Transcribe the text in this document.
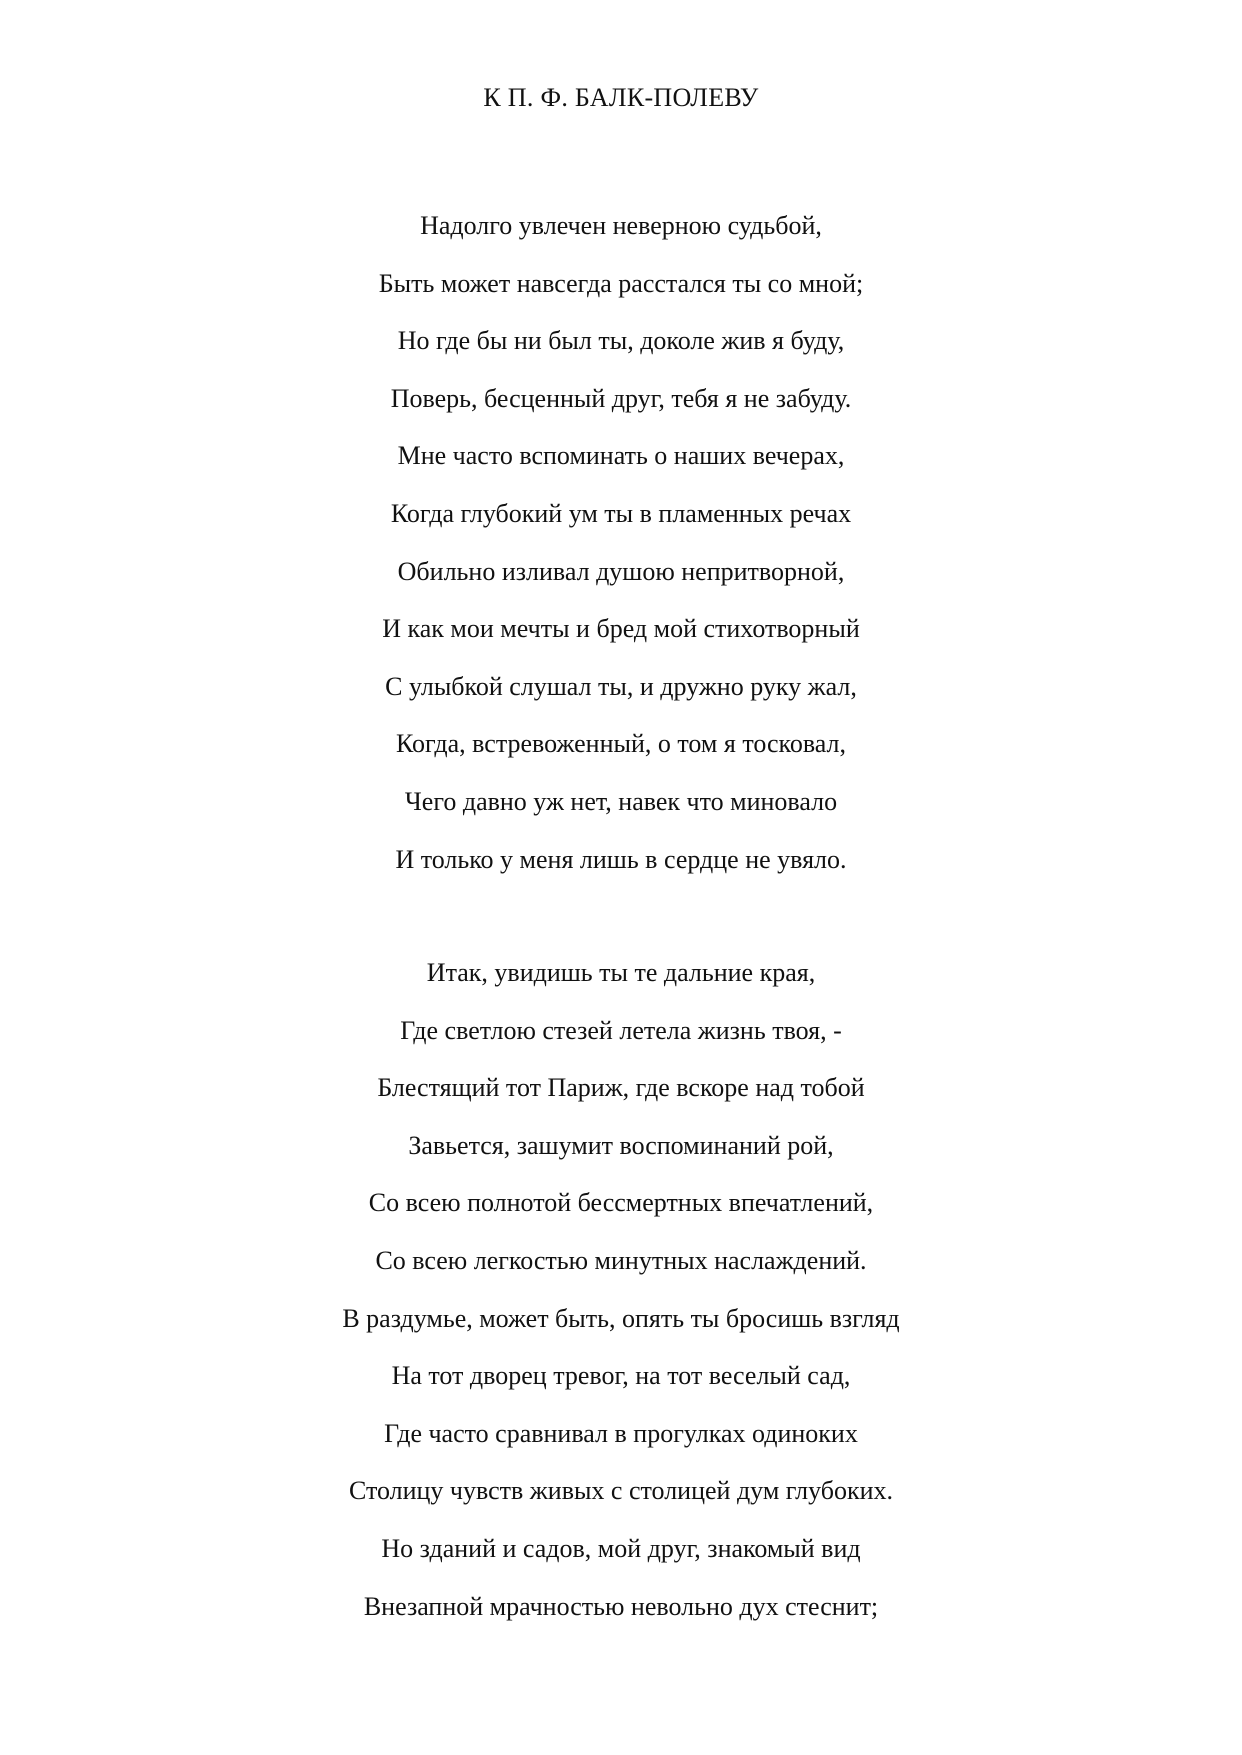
К П. Ф. БАЛК-ПОЛЕВУ
Надолго увлечен неверною судьбой,
Быть может навсегда расстался ты со мной;
Но где бы ни был ты, доколе жив я буду,
Поверь, бесценный друг, тебя я не забуду.
Мне часто вспоминать о наших вечерах,
Когда глубокий ум ты в пламенных речах
Обильно изливал душою непритворной,
И как мои мечты и бред мой стихотворный
С улыбкой слушал ты, и дружно руку жал,
Когда, встревоженный, о том я тосковал,
Чего давно уж нет, навек что миновало
И только у меня лишь в сердце не увяло.
Итак, увидишь ты те дальние края,
Где светлою стезей летела жизнь твоя, -
Блестящий тот Париж, где вскоре над тобой
Завьется, зашумит воспоминаний рой,
Со всею полнотой бессмертных впечатлений,
Со всею легкостью минутных наслаждений.
В раздумье, может быть, опять ты бросишь взгляд
На тот дворец тревог, на тот веселый сад,
Где часто сравнивал в прогулках одиноких
Столицу чувств живых с столицей дум глубоких.
Но зданий и садов, мой друг, знакомый вид
Внезапной мрачностью невольно дух стеснит;
